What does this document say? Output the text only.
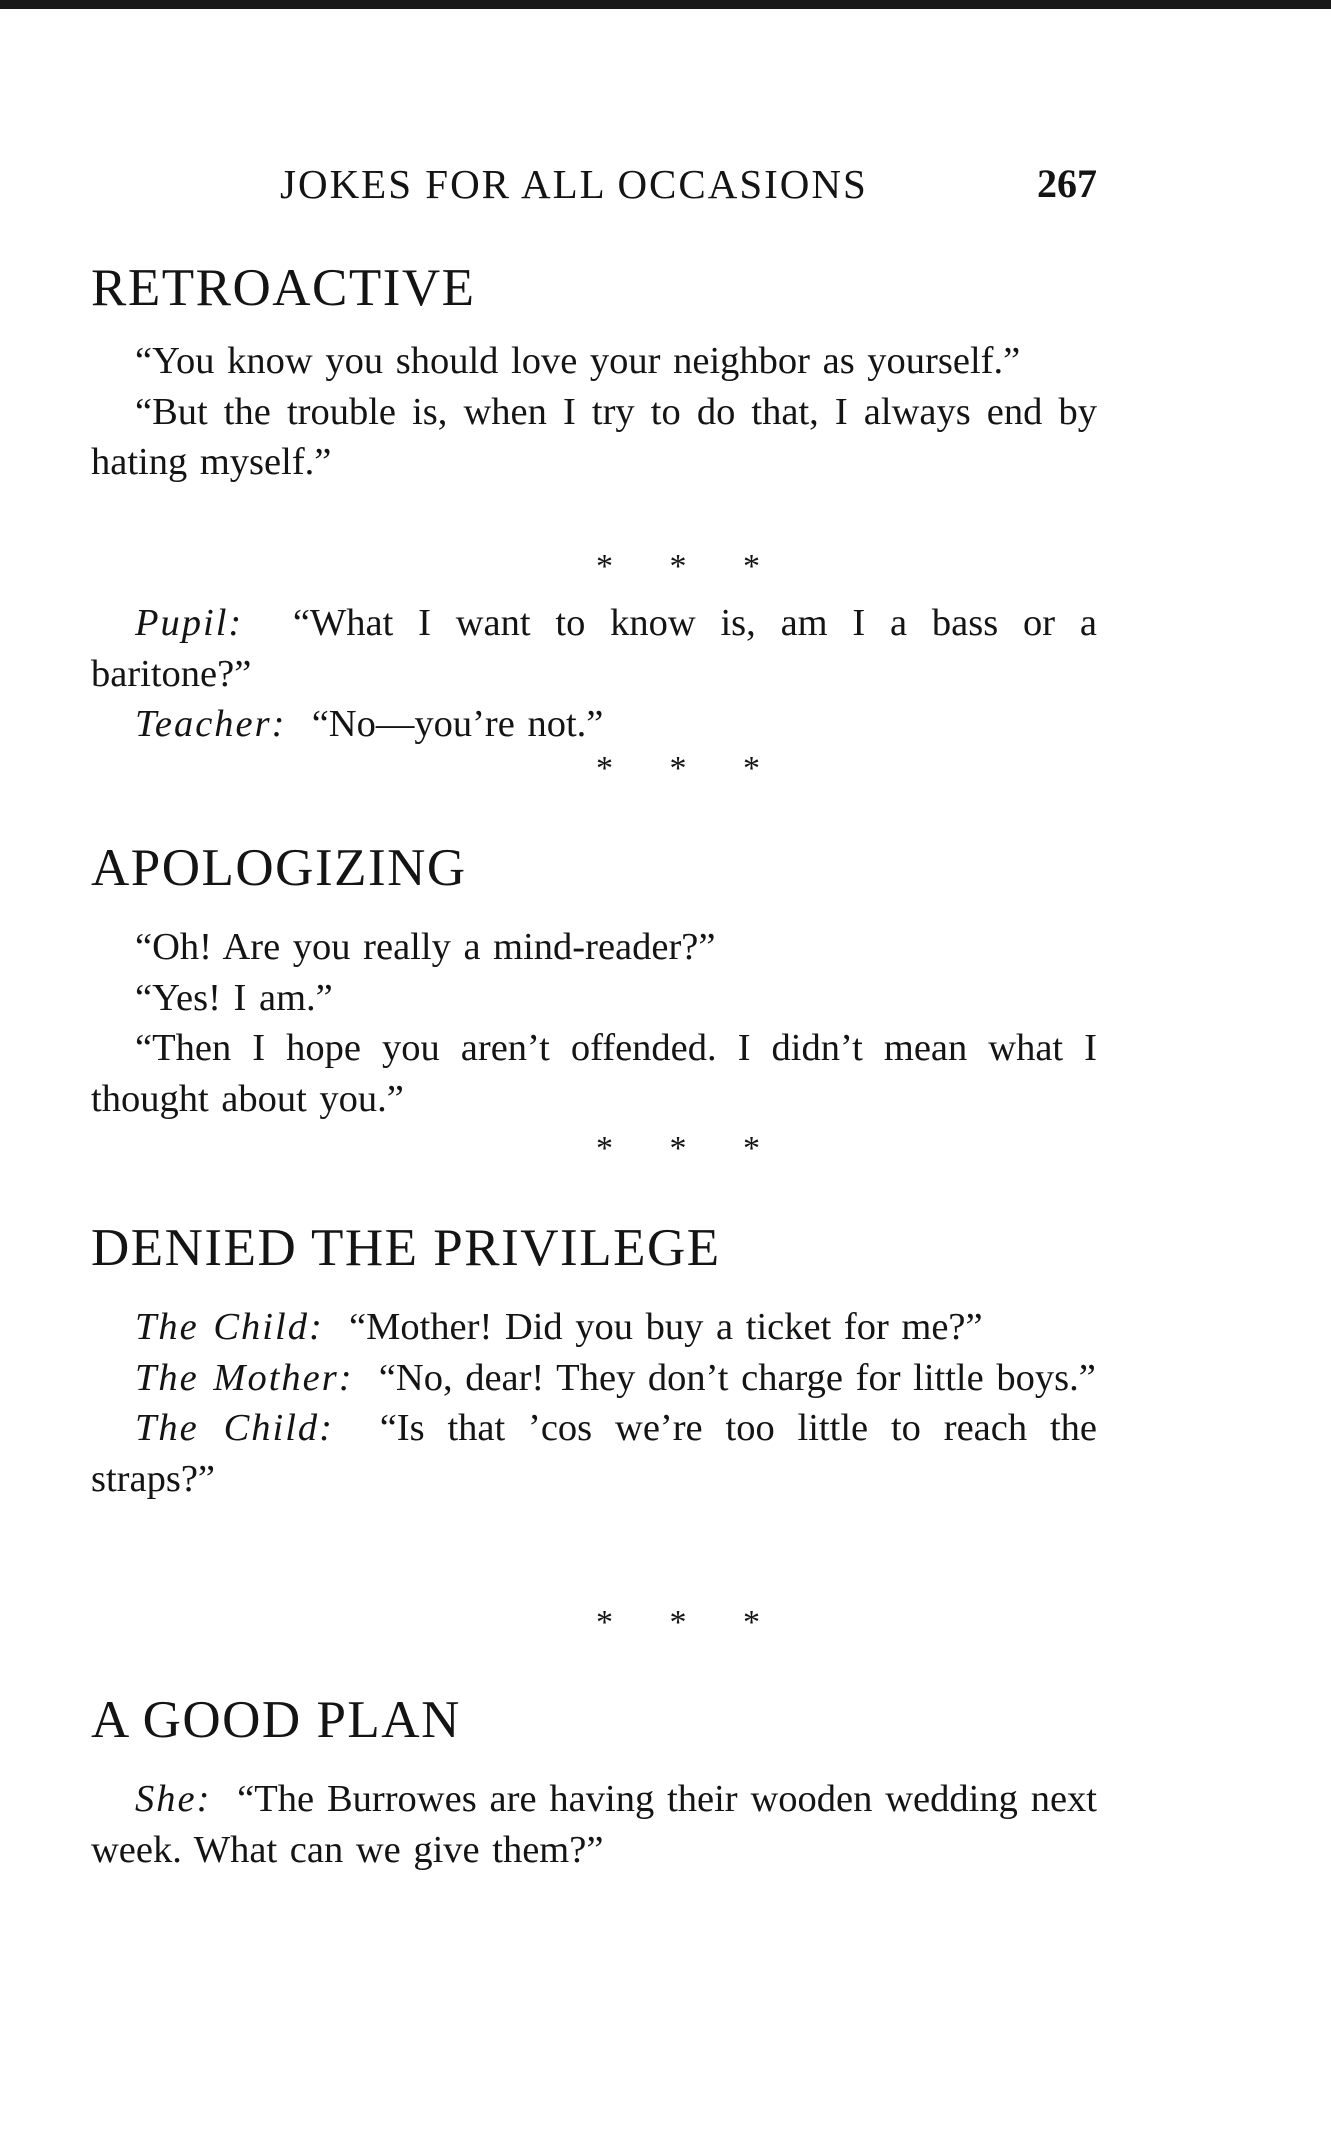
JOKES FOR ALL OCCASIONS	267
RETROACTIVE

“You know you should love your neighbor as yourself.”

“But the trouble is, when I try to do that, I always end by hating myself.”

* * *

Pupil: “What I want to know is, am I a bass or a baritone?”

Teacher: “No—you’re not.”

* * *
APOLOGIZING

“Oh! Are you really a mind-reader?”

“Yes! I am.”

“Then I hope you aren’t offended. I didn’t mean what I thought about you.”

* * *
DENIED THE PRIVILEGE

The Child: “Mother! Did you buy a ticket for me?”

The Mother: “No, dear! They don’t charge for little boys.”

The Child: “Is that ’cos we’re too little to reach the straps?”

* * *
A GOOD PLAN

She: “The Burrowes are having their wooden wedding next week. What can we give them?”
